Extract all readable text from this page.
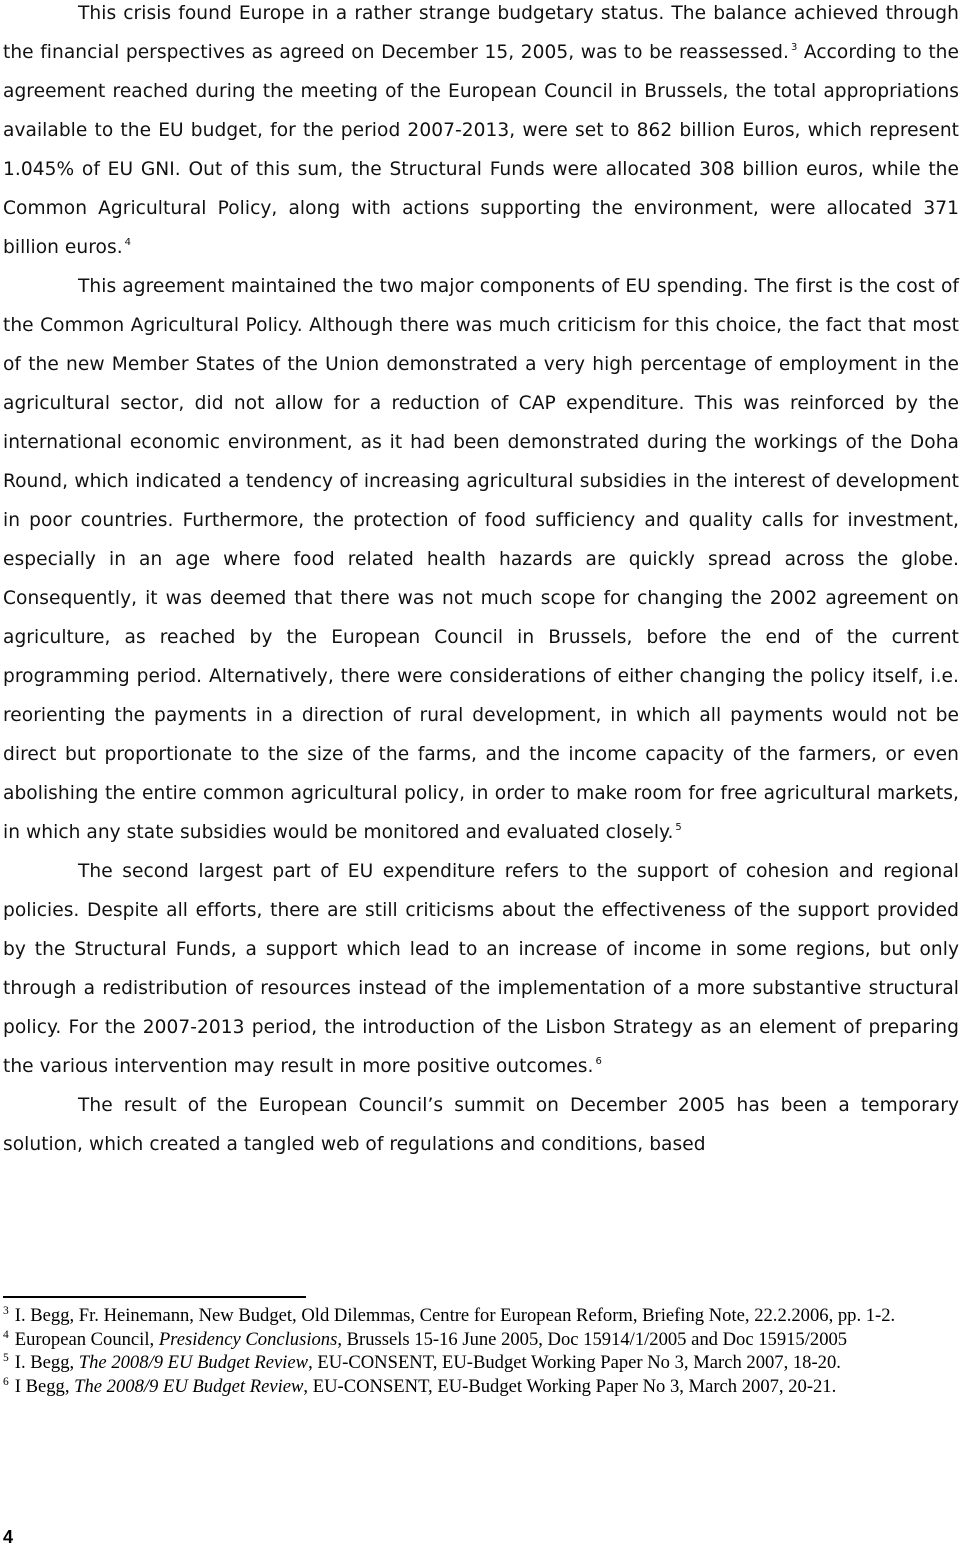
This crisis found Europe in a rather strange budgetary status. The balance achieved through the financial perspectives as agreed on December 15, 2005, was to be reassessed. $^3$ According to the agreement reached during the meeting of the European Council in Brussels, the total appropriations available to the EU budget, for the period 2007-2013, were set to 862 billion Euros, which represent 1.045% of EU GNI. Out of this sum, the Structural Funds were allocated 308 billion euros, while the Common Agricultural Policy, along with actions supporting the environment, were allocated 371 billion euros. $^4$

This agreement maintained the two major components of EU spending. The first is the cost of the Common Agricultural Policy. Although there was much criticism for this choice, the fact that most of the new Member States of the Union demonstrated a very high percentage of employment in the agricultural sector, did not allow for a reduction of CAP expenditure. This was reinforced by the international economic environment, as it had been demonstrated during the workings of the Doha Round, which indicated a tendency of increasing agricultural subsidies in the interest of development in poor countries. Furthermore, the protection of food sufficiency and quality calls for investment, especially in an age where food related health hazards are quickly spread across the globe. Consequently, it was deemed that there was not much scope for changing the 2002 agreement on agriculture, as reached by the European Council in Brussels, before the end of the current programming period. Alternatively, there were considerations of either changing the policy itself, i.e. reorienting the payments in a direction of rural development, in which all payments would not be direct but proportionate to the size of the farms, and the income capacity of the farmers, or even abolishing the entire common agricultural policy, in order to make room for free agricultural markets, in which any state subsidies would be monitored and evaluated closely. $^5$

The second largest part of EU expenditure refers to the support of cohesion and regional policies. Despite all efforts, there are still criticisms about the effectiveness of the support provided by the Structural Funds, a support which lead to an increase of income in some regions, but only through a redistribution of resources instead of the implementation of a more substantive structural policy. For the 2007-2013 period, the introduction of the Lisbon Strategy as an element of preparing the various intervention may result in more positive outcomes. $^6$

The result of the European Council’s summit on December 2005 has been a temporary solution, which created a tangled web of regulations and conditions, based

$^3$ I. Begg, Fr. Heinemann, New Budget, Old Dilemmas, Centre for European Reform, Briefing Note, 22.2.2006, pp. 1-2.

$^4$ European Council, Presidency Conclusions, Brussels 15-16 June 2005, Doc 15914/1/2005 and Doc 15915/2005

$^5$ I. Begg, The 2008/9 EU Budget Review, EU-CONSENT, EU-Budget Working Paper No 3, March 2007, 18-20.

$^6$ I Begg, The 2008/9 EU Budget Review, EU-CONSENT, EU-Budget Working Paper No 3, March 2007, 20-21.

4
